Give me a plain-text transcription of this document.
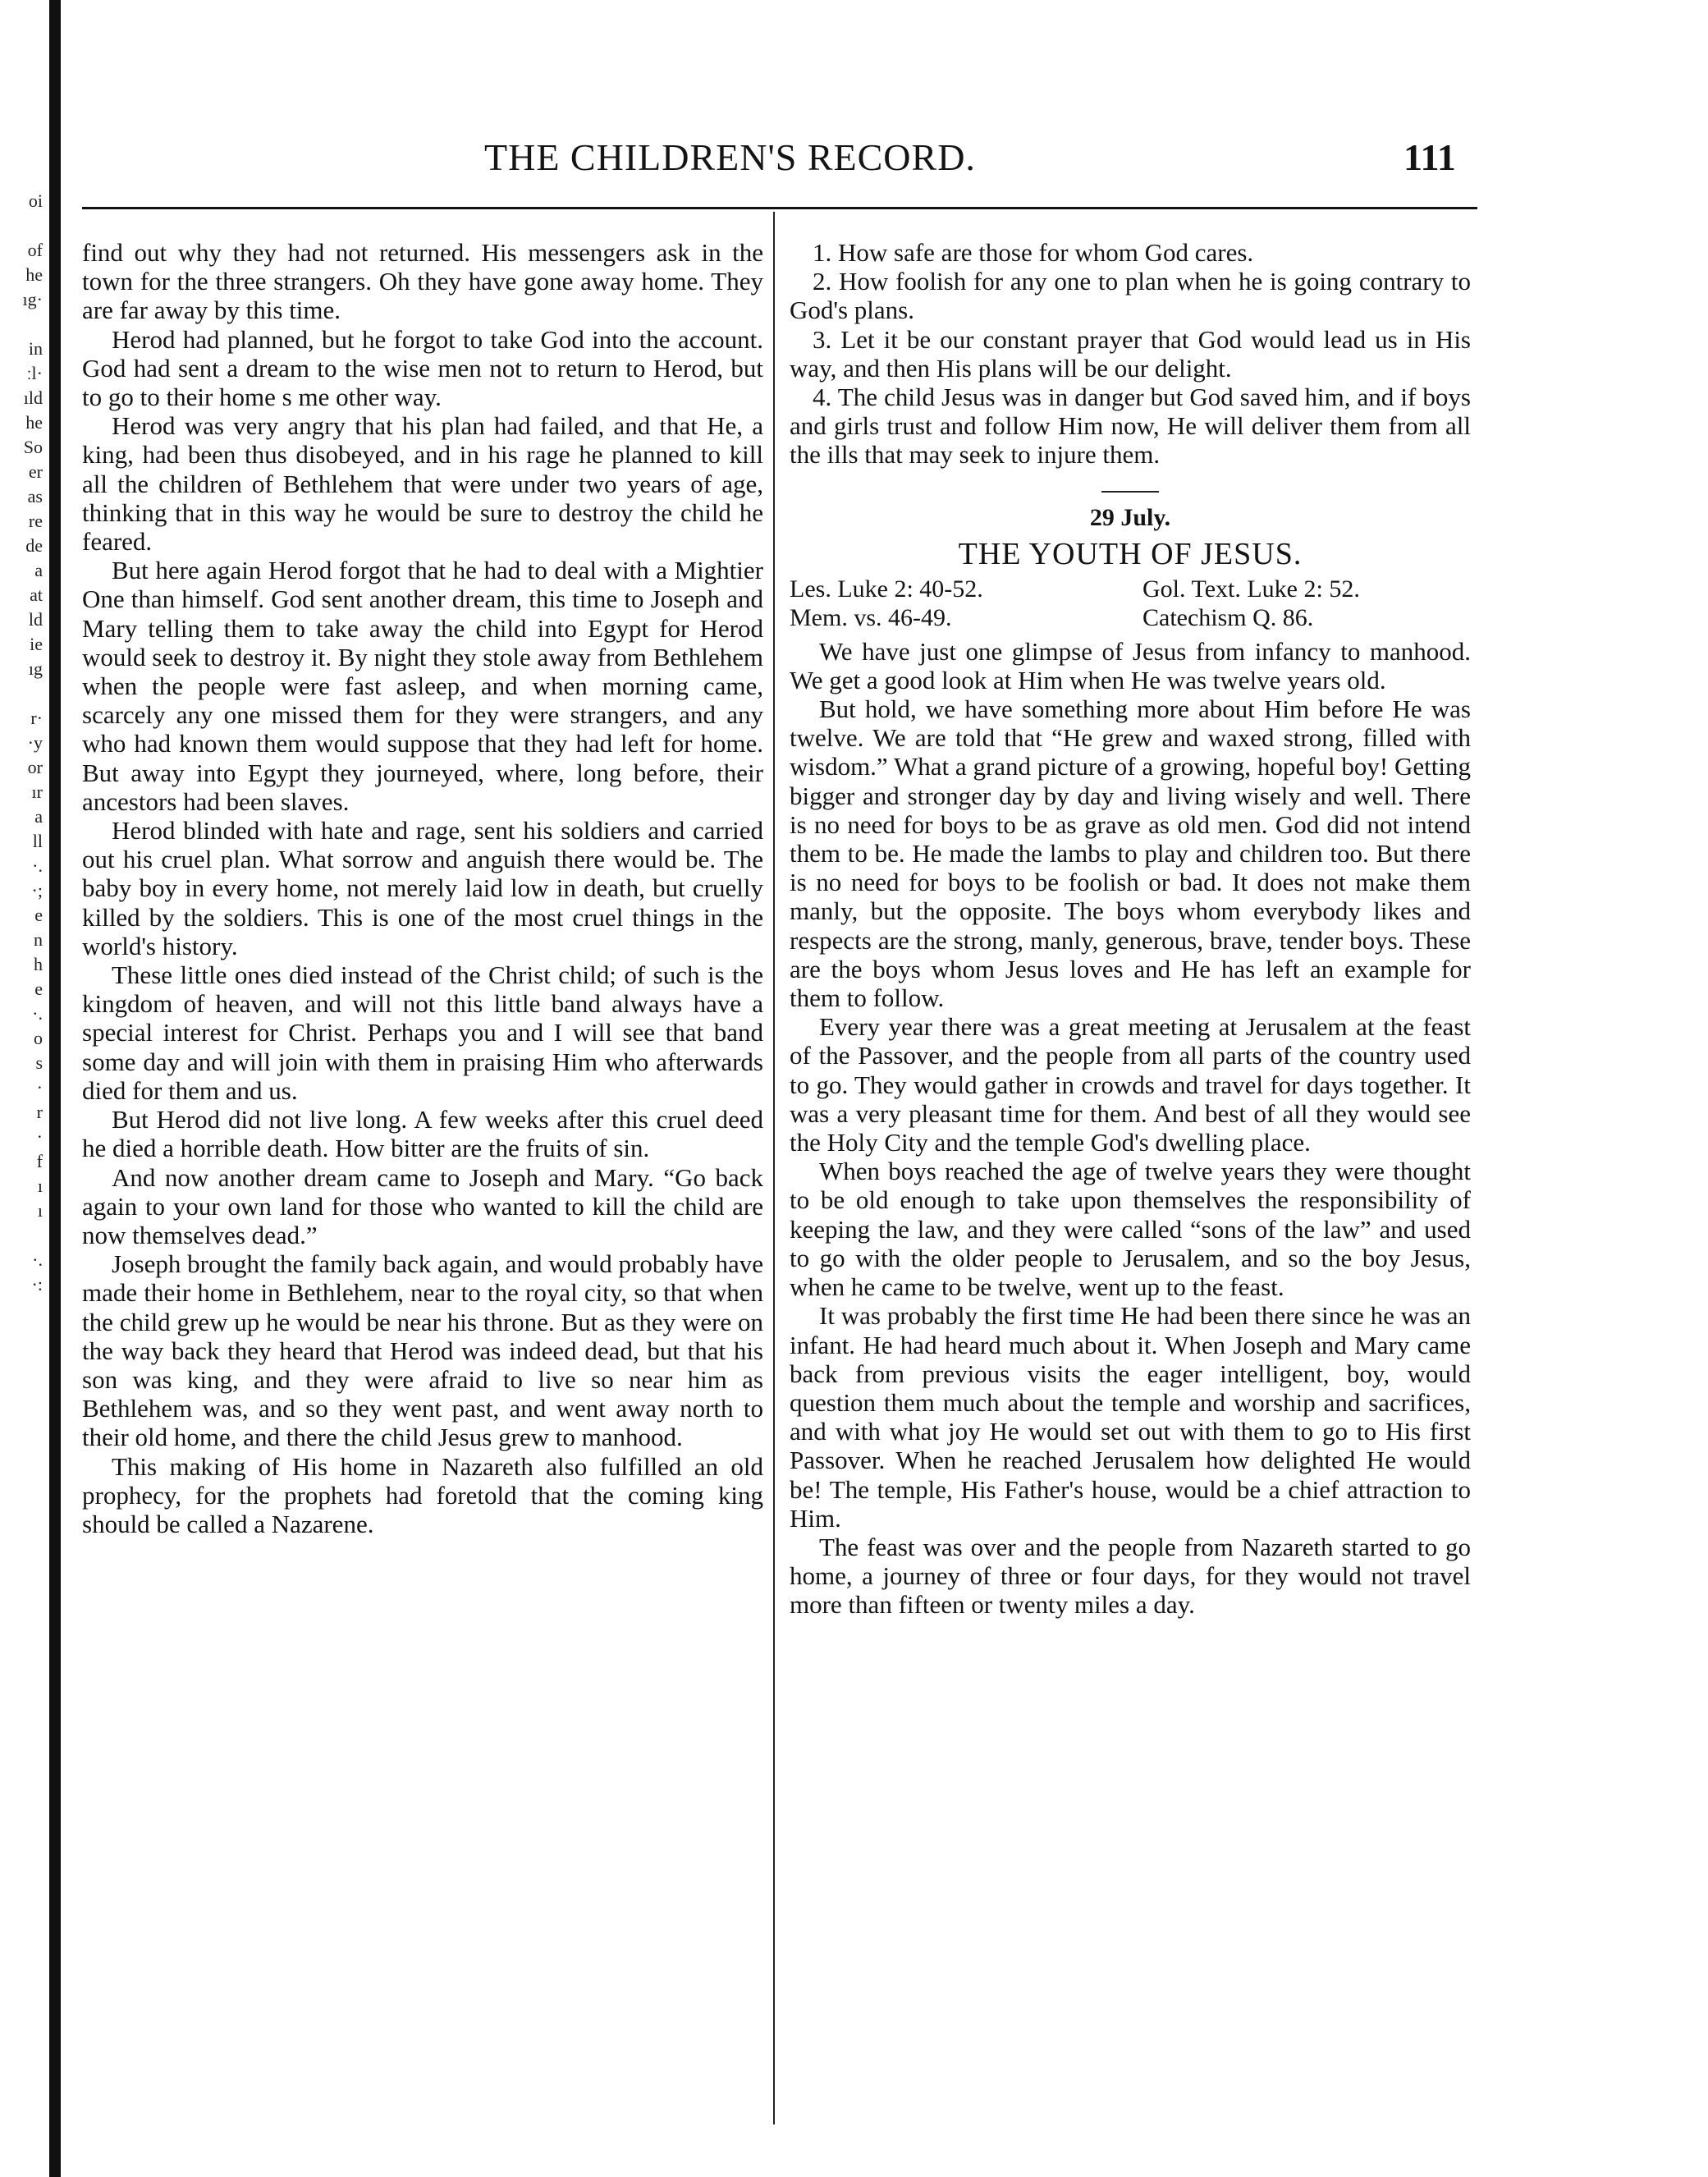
oi
of
he
ıg·
in
ːl·
ıld
he
So
er
as
re
de
a
at
ld
ie
ıg
r·
·y
or
ır
a
ll
·.
·;
e
n
h
e
·.
o
s
·
r
·
f
ı
ı
·.
·:
THE CHILDREN'S RECORD.	111

find out why they had not returned. His messengers ask in the town for the three strangers. Oh they have gone away home. They are far away by this time.

Herod had planned, but he forgot to take God into the account. God had sent a dream to the wise men not to return to Herod, but to go to their home s me other way.

Herod was very angry that his plan had failed, and that He, a king, had been thus disobeyed, and in his rage he planned to kill all the children of Bethlehem that were under two years of age, thinking that in this way he would be sure to destroy the child he feared.

But here again Herod forgot that he had to deal with a Mightier One than himself. God sent another dream, this time to Joseph and Mary telling them to take away the child into Egypt for Herod would seek to destroy it. By night they stole away from Bethlehem when the people were fast asleep, and when morning came, scarcely any one missed them for they were strangers, and any who had known them would suppose that they had left for home. But away into Egypt they journeyed, where, long before, their ancestors had been slaves.

Herod blinded with hate and rage, sent his soldiers and carried out his cruel plan. What sorrow and anguish there would be. The baby boy in every home, not merely laid low in death, but cruelly killed by the soldiers. This is one of the most cruel things in the world's history.

These little ones died instead of the Christ child; of such is the kingdom of heaven, and will not this little band always have a special interest for Christ. Perhaps you and I will see that band some day and will join with them in praising Him who afterwards died for them and us.

But Herod did not live long. A few weeks after this cruel deed he died a horrible death. How bitter are the fruits of sin.

And now another dream came to Joseph and Mary. “Go back again to your own land for those who wanted to kill the child are now themselves dead.”

Joseph brought the family back again, and would probably have made their home in Bethlehem, near to the royal city, so that when the child grew up he would be near his throne. But as they were on the way back they heard that Herod was indeed dead, but that his son was king, and they were afraid to live so near him as Bethlehem was, and so they went past, and went away north to their old home, and there the child Jesus grew to manhood.

This making of His home in Nazareth also fulfilled an old prophecy, for the prophets had foretold that the coming king should be called a Nazarene.

1. How safe are those for whom God cares.

2. How foolish for any one to plan when he is going contrary to God's plans.

3. Let it be our constant prayer that God would lead us in His way, and then His plans will be our delight.

4. The child Jesus was in danger but God saved him, and if boys and girls trust and follow Him now, He will deliver them from all the ills that may seek to injure them.

29 July.

THE YOUTH OF JESUS.

Les. Luke 2: 40-52.	Gol. Text. Luke 2: 52.
Mem. vs. 46-49.	Catechism Q. 86.

We have just one glimpse of Jesus from infancy to manhood. We get a good look at Him when He was twelve years old.

But hold, we have something more about Him before He was twelve. We are told that “He grew and waxed strong, filled with wisdom.” What a grand picture of a growing, hopeful boy! Getting bigger and stronger day by day and living wisely and well. There is no need for boys to be as grave as old men. God did not intend them to be. He made the lambs to play and children too. But there is no need for boys to be foolish or bad. It does not make them manly, but the opposite. The boys whom everybody likes and respects are the strong, manly, generous, brave, tender boys. These are the boys whom Jesus loves and He has left an example for them to follow.

Every year there was a great meeting at Jerusalem at the feast of the Passover, and the people from all parts of the country used to go. They would gather in crowds and travel for days together. It was a very pleasant time for them. And best of all they would see the Holy City and the temple God's dwelling place.

When boys reached the age of twelve years they were thought to be old enough to take upon themselves the responsibility of keeping the law, and they were called “sons of the law” and used to go with the older people to Jerusalem, and so the boy Jesus, when he came to be twelve, went up to the feast.

It was probably the first time He had been there since he was an infant. He had heard much about it. When Joseph and Mary came back from previous visits the eager intelligent, boy, would question them much about the temple and worship and sacrifices, and with what joy He would set out with them to go to His first Passover. When he reached Jerusalem how delighted He would be! The temple, His Father's house, would be a chief attraction to Him.

The feast was over and the people from Nazareth started to go home, a journey of three or four days, for they would not travel more than fifteen or twenty miles a day.
